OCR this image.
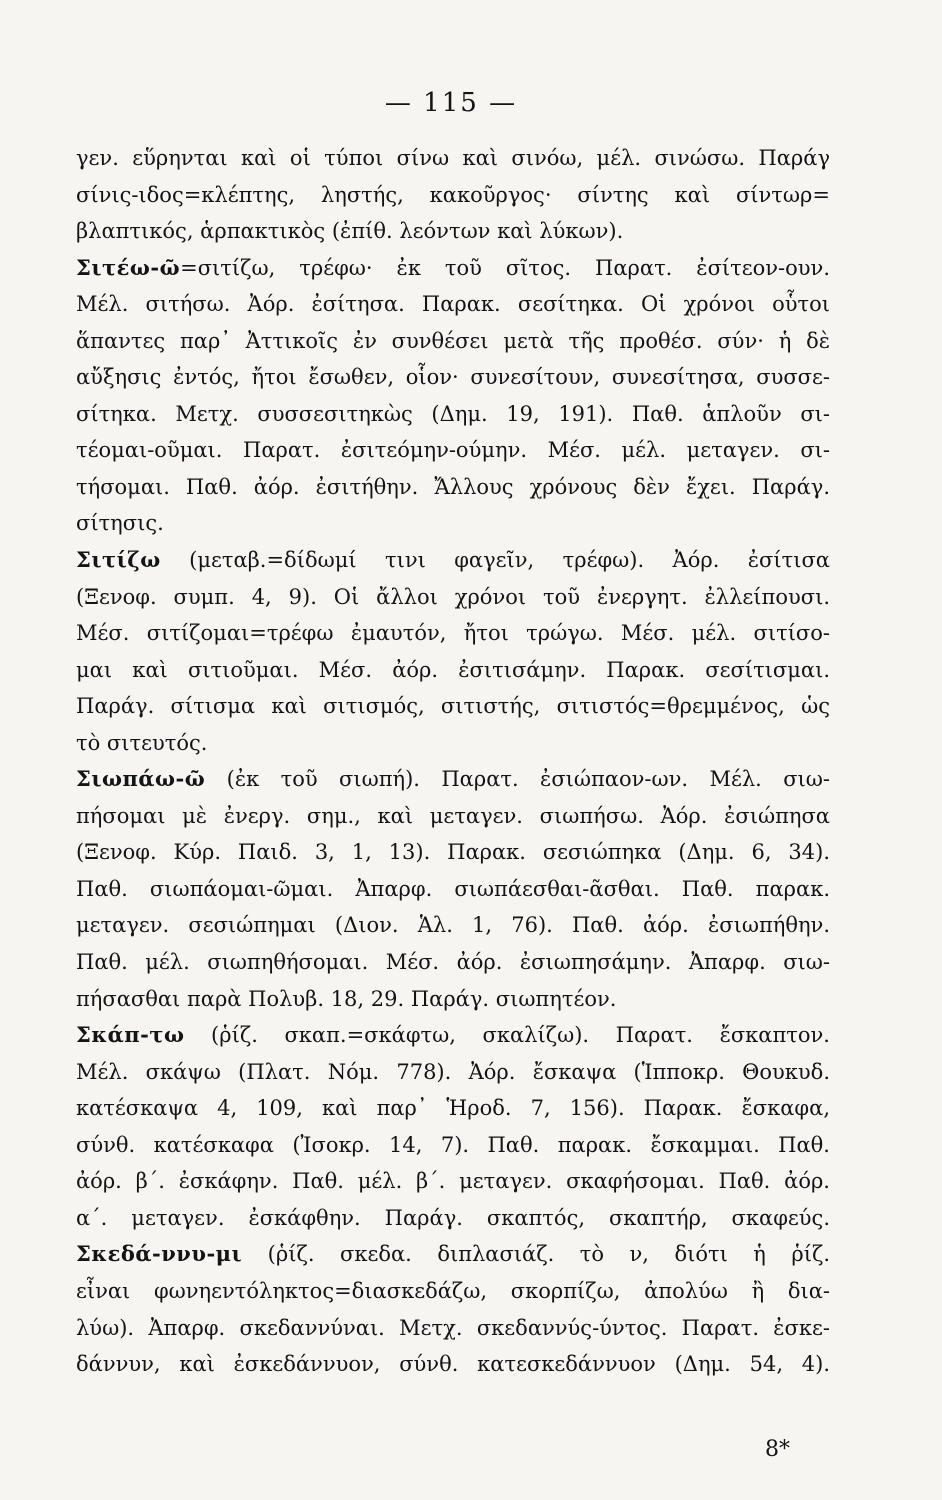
— 115 —
γεν. εὕρηνται καὶ οἱ τύποι σίνω καὶ σινόω, μέλ. σινώσω. Παράγ
σίνις-ιδος=κλέπτης, ληστής, κακοῦργος· σίντης καὶ σίντωρ=
βλαπτικός, ἁρπακτικὸς (ἐπίθ. λεόντων καὶ λύκων).
Σιτέω-ῶ=σιτίζω, τρέφω· ἐκ τοῦ σῖτος. Παρατ. ἐσίτεον-ουν.
Μέλ. σιτήσω. Ἀόρ. ἐσίτησα. Παρακ. σεσίτηκα. Οἱ χρόνοι οὗτοι
ἅπαντες παρ᾽ Ἀττικοῖς ἐν συνθέσει μετὰ τῆς προθέσ. σύν· ἡ δὲ
αὔξησις ἐντός, ἤτοι ἔσωθεν, οἷον· συνεσίτουν, συνεσίτησα, συσσε-
σίτηκα. Μετχ. συσσεσιτηκὼς (Δημ. 19, 191). Παθ. ἁπλοῦν σι-
τέομαι-οῦμαι. Παρατ. ἐσιτεόμην-ούμην. Μέσ. μέλ. μεταγεν. σι-
τήσομαι. Παθ. ἀόρ. ἐσιτήθην. Ἄλλους χρόνους δὲν ἔχει. Παράγ.
σίτησις.
Σιτίζω (μεταβ.=δίδωμί τινι φαγεῖν, τρέφω). Ἀόρ. ἐσίτισα
(Ξενοφ. συμπ. 4, 9). Οἱ ἄλλοι χρόνοι τοῦ ἐνεργητ. ἐλλείπουσι.
Μέσ. σιτίζομαι=τρέφω ἐμαυτόν, ἤτοι τρώγω. Μέσ. μέλ. σιτίσο-
μαι καὶ σιτιοῦμαι. Μέσ. ἀόρ. ἐσιτισάμην. Παρακ. σεσίτισμαι.
Παράγ. σίτισμα καὶ σιτισμός, σιτιστής, σιτιστός=θρεμμένος, ὡς
τὸ σιτευτός.
Σιωπάω-ῶ (ἐκ τοῦ σιωπή). Παρατ. ἐσιώπαον-ων. Μέλ. σιω-
πήσομαι μὲ ἐνεργ. σημ., καὶ μεταγεν. σιωπήσω. Ἀόρ. ἐσιώπησα
(Ξενοφ. Κύρ. Παιδ. 3, 1, 13). Παρακ. σεσιώπηκα (Δημ. 6, 34).
Παθ. σιωπάομαι-ῶμαι. Ἀπαρφ. σιωπάεσθαι-ᾶσθαι. Παθ. παρακ.
μεταγεν. σεσιώπημαι (Διον. Ἁλ. 1, 76). Παθ. ἀόρ. ἐσιωπήθην.
Παθ. μέλ. σιωπηθήσομαι. Μέσ. ἀόρ. ἐσιωπησάμην. Ἀπαρφ. σιω-
πήσασθαι παρὰ Πολυβ. 18, 29. Παράγ. σιωπητέον.
Σκάπ-τω (ῥίζ. σκαπ.=σκάφτω, σκαλίζω). Παρατ. ἔσκαπτον.
Μέλ. σκάψω (Πλατ. Νόμ. 778). Ἀόρ. ἔσκαψα (Ἱπποκρ. Θουκυδ.
κατέσκαψα 4, 109, καὶ παρ᾽ Ἡροδ. 7, 156). Παρακ. ἔσκαφα,
σύνθ. κατέσκαφα (Ἰσοκρ. 14, 7). Παθ. παρακ. ἔσκαμμαι. Παθ.
ἀόρ. β΄. ἐσκάφην. Παθ. μέλ. β΄. μεταγεν. σκαφήσομαι. Παθ. ἀόρ.
α΄. μεταγεν. ἐσκάφθην. Παράγ. σκαπτός, σκαπτήρ, σκαφεύς.
Σκεδά-ννυ-μι (ῥίζ. σκεδα. διπλασιάζ. τὸ ν, διότι ἡ ῥίζ.
εἶναι φωνηεντόληκτος=διασκεδάζω, σκορπίζω, ἀπολύω ἢ δια-
λύω). Ἀπαρφ. σκεδαννύναι. Μετχ. σκεδαννύς-ύντος. Παρατ. ἐσκε-
δάννυν, καὶ ἐσκεδάννυον, σύνθ. κατεσκεδάννυον (Δημ. 54, 4).
8*
